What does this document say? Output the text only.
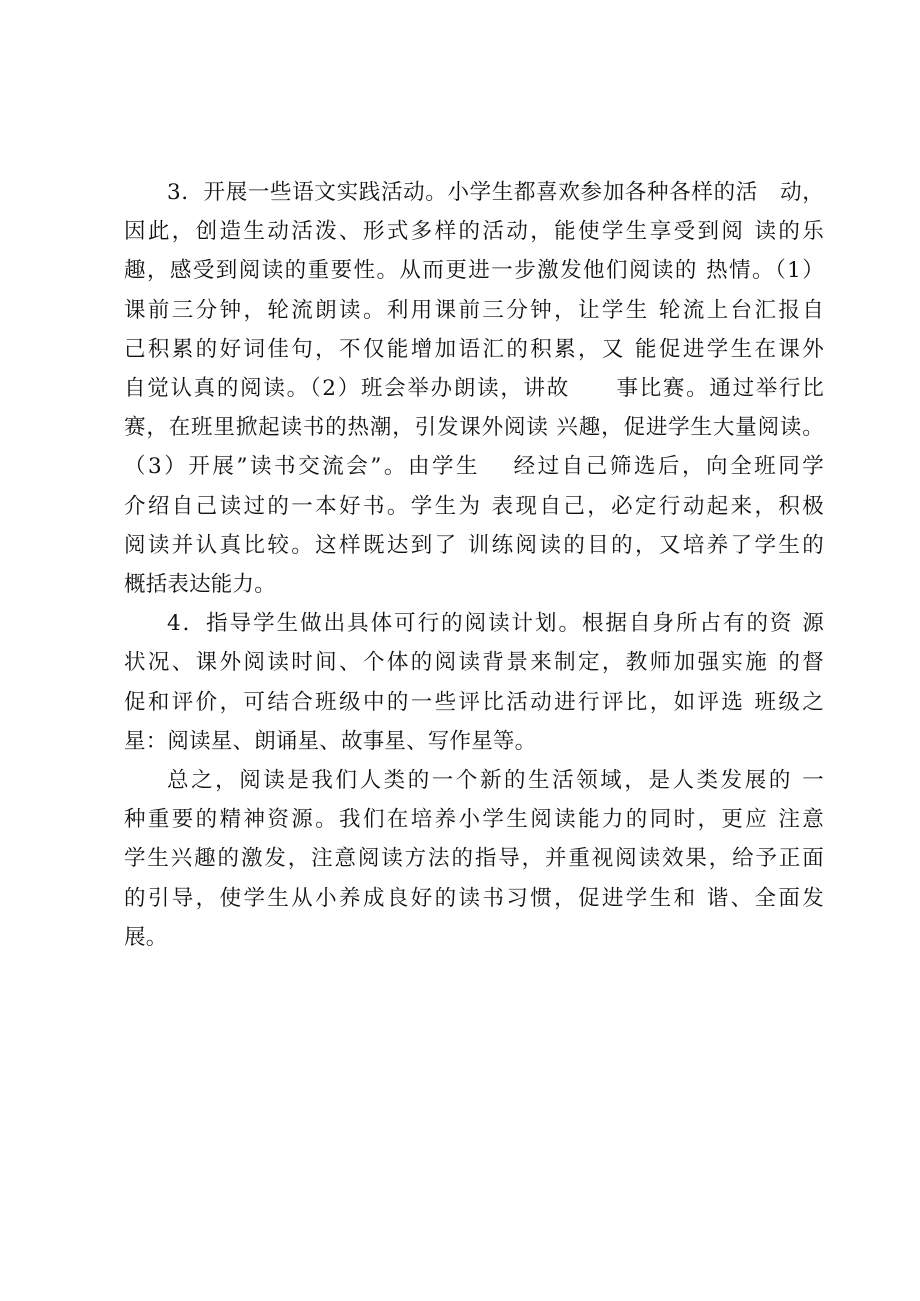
3．开展一些语文实践活动。小学生都喜欢参加各种各样的活　动，
因此，创造生动活泼、形式多样的活动，能使学生享受到阅 读的乐
趣，感受到阅读的重要性。从而更进一步激发他们阅读的 热情。（1）
课前三分钟，轮流朗读。利用课前三分钟，让学生 轮流上台汇报自
己积累的好词佳句，不仅能增加语汇的积累，又 能促进学生在课外
自觉认真的阅读。（2）班会举办朗读，讲故　　事比赛。通过举行比
赛，在班里掀起读书的热潮，引发课外阅读 兴趣，促进学生大量阅读。
（3）开展”读书交流会”。由学生　 经过自己筛选后，向全班同学
介绍自己读过的一本好书。学生为 表现自己，必定行动起来，积极
阅读并认真比较。这样既达到了 训练阅读的目的，又培养了学生的
概括表达能力。
4．指导学生做出具体可行的阅读计划。根据自身所占有的资 源
状况、课外阅读时间、个体的阅读背景来制定，教师加强实施 的督
促和评价，可结合班级中的一些评比活动进行评比，如评选 班级之
星：阅读星、朗诵星、故事星、写作星等。
总之，阅读是我们人类的一个新的生活领域，是人类发展的 一
种重要的精神资源。我们在培养小学生阅读能力的同时，更应 注意
学生兴趣的激发，注意阅读方法的指导，并重视阅读效果，给予正面
的引导，使学生从小养成良好的读书习惯，促进学生和 谐、全面发
展。
